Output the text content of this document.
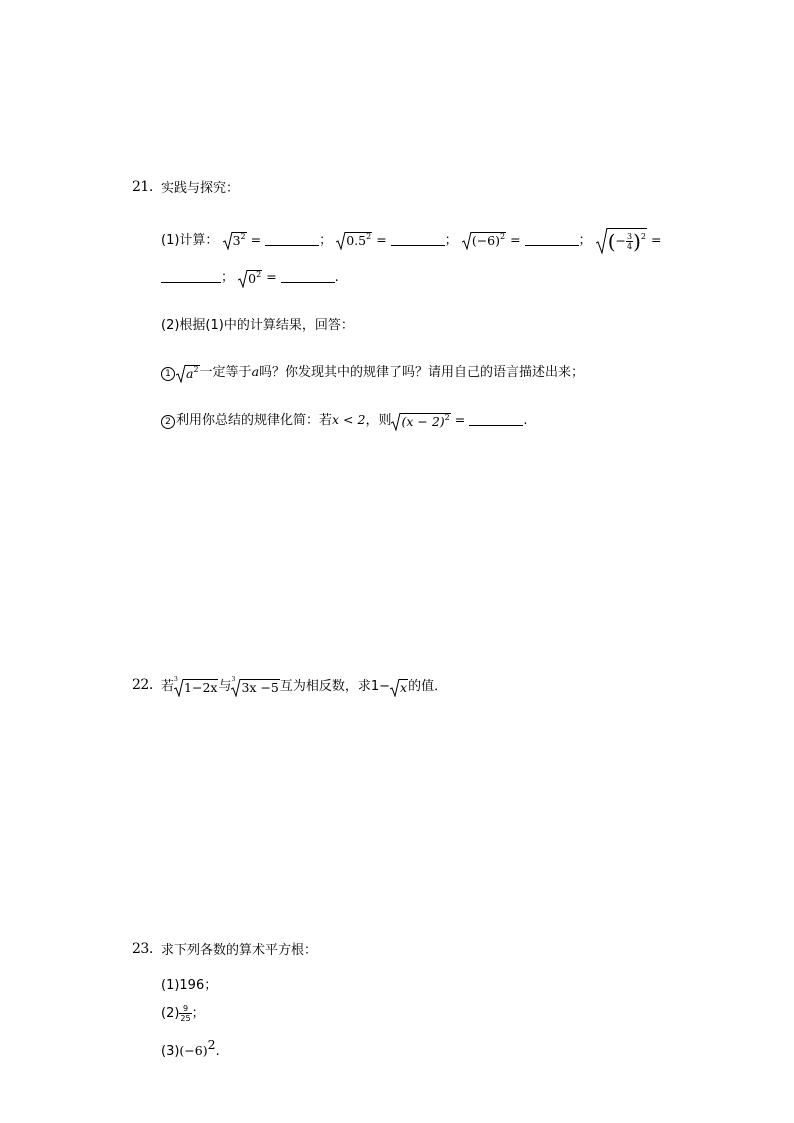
21. 实践与探究：
(1)计算： $3^2$ =	； $0.5^2$ =	； $(-6)^2$ =	； (− $\frac{3}{4} )^2$ =
； $0^2$ =	.
(2)根据(1)中的计算结果，回答：
1 $a^2$一定等于a吗？你发现其中的规律了吗？请用自己的语言描述出来；
2 利用你总结的规律化简：若x < 2，则 $(x - 2)^2$ =	.
22. 若 3
1−2x与 3
3x −5互为相反数，求1− x的值．
23. 求下列各数的算术平方根：
(1)196；
$(2) \frac{9}{25}$ ；
$(3)(-6)^2$.
